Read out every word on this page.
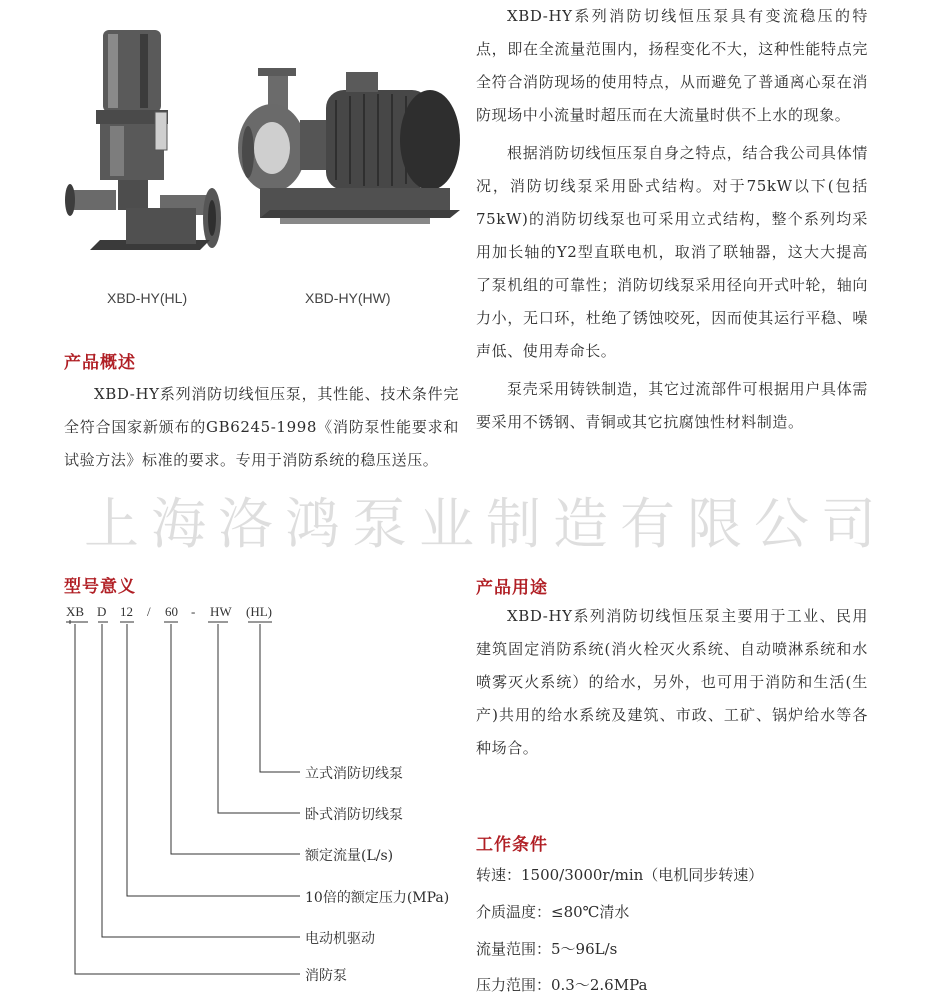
XBD-HY(HL)	XBD-HY(HW)

XBD-HY系列消防切线恒压泵具有变流稳压的特点，即在全流量范围内，扬程变化不大，这种性能特点完全符合消防现场的使用特点，从而避免了普通离心泵在消防现场中小流量时超压而在大流量时供不上水的现象。

根据消防切线恒压泵自身之特点，结合我公司具体情况，消防切线泵采用卧式结构。对于75kW以下(包括75kW)的消防切线泵也可采用立式结构，整个系列均采用加长轴的Y2型直联电机，取消了联轴器，这大大提高了泵机组的可靠性；消防切线泵采用径向开式叶轮，轴向力小，无口环，杜绝了锈蚀咬死，因而使其运行平稳、噪声低、使用寿命长。

泵壳采用铸铁制造，其它过流部件可根据用户具体需要采用不锈钢、青铜或其它抗腐蚀性材料制造。

产品概述

XBD-HY系列消防切线恒压泵，其性能、技术条件完全符合国家新颁布的GB6245-1998《消防泵性能要求和试验方法》标准的要求。专用于消防系统的稳压送压。

上海洛鸿泵业制造有限公司
型号意义
XB D 12 / 60 - HW (HL)
立式消防切线泵
卧式消防切线泵
额定流量(L/s)
10倍的额定压力(MPa)
电动机驱动
消防泵
产品用途

XBD-HY系列消防切线恒压泵主要用于工业、民用建筑固定消防系统(消火栓灭火系统、自动喷淋系统和水喷雾灭火系统）的给水，另外，也可用于消防和生活(生产)共用的给水系统及建筑、市政、工矿、锅炉给水等各种场合。

工作条件
转速：1500/3000r/min（电机同步转速）
介质温度：≤80℃清水
流量范围：5～96L/s
压力范围：0.3～2.6MPa
